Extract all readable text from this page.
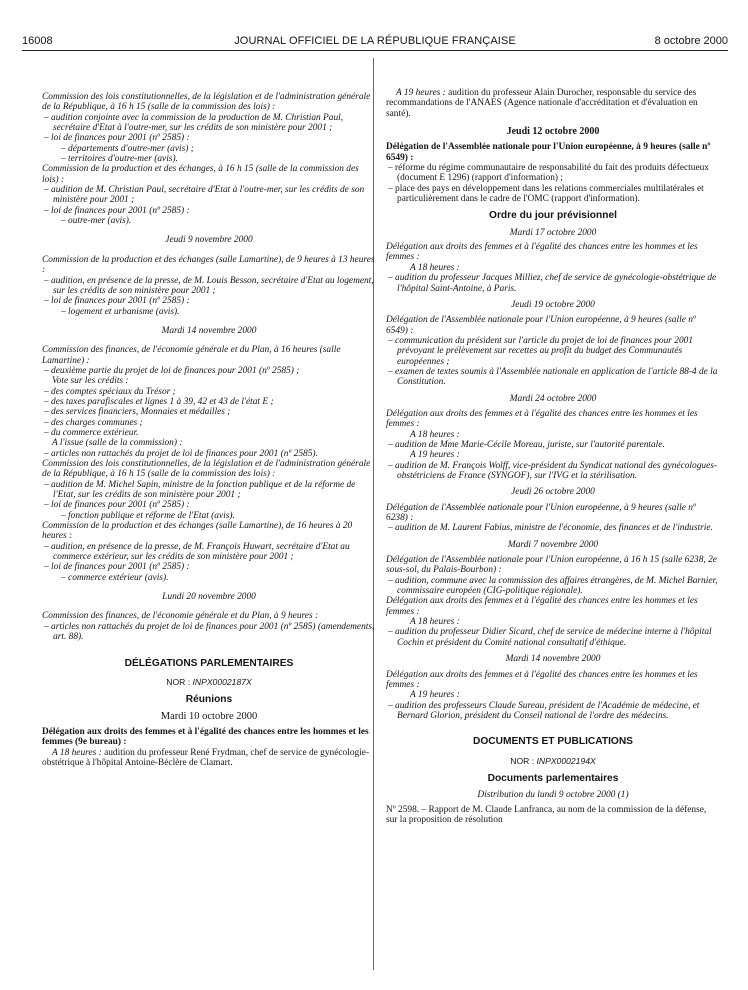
16008	JOURNAL OFFICIEL DE LA RÉPUBLIQUE FRANÇAISE	8 octobre 2000

Commission des lois constitutionnelles, de la législation et de l'administration générale de la République, à 16 h 15 (salle de la commission des lois) :

– audition conjointe avec la commission de la production de M. Christian Paul, secrétaire d'Etat à l'outre-mer, sur les crédits de son ministère pour 2001 ;

– loi de finances pour 2001 (nº 2585) :

– départements d'outre-mer (avis) ;

– territoires d'outre-mer (avis).

Commission de la production et des échanges, à 16 h 15 (salle de la commission des lois) :

– audition de M. Christian Paul, secrétaire d'Etat à l'outre-mer, sur les crédits de son ministère pour 2001 ;

– loi de finances pour 2001 (nº 2585) :

– outre-mer (avis).

Jeudi 9 novembre 2000

Commission de la production et des échanges (salle Lamartine), de 9 heures à 13 heures :

– audition, en présence de la presse, de M. Louis Besson, secrétaire d'Etat au logement, sur les crédits de son ministère pour 2001 ;

– loi de finances pour 2001 (nº 2585) :

– logement et urbanisme (avis).

Mardi 14 novembre 2000

Commission des finances, de l'économie générale et du Plan, à 16 heures (salle Lamartine) :

– deuxième partie du projet de loi de finances pour 2001 (nº 2585) ;

Vote sur les crédits :

– des comptes spéciaux du Trésor ;

– des taxes parafiscales et lignes 1 à 39, 42 et 43 de l'état E ;

– des services financiers, Monnaies et médailles ;

– des charges communes ;

– du commerce extérieur.

A l'issue (salle de la commission) :

– articles non rattachés du projet de loi de finances pour 2001 (nº 2585).

Commission des lois constitutionnelles, de la législation et de l'administration générale de la République, à 16 h 15 (salle de la commission des lois) :

– audition de M. Michel Sapin, ministre de la fonction publique et de la réforme de l'Etat, sur les crédits de son ministère pour 2001 ;

– loi de finances pour 2001 (nº 2585) :

– fonction publique et réforme de l'Etat (avis).

Commission de la production et des échanges (salle Lamartine), de 16 heures à 20 heures :

– audition, en présence de la presse, de M. François Huwart, secrétaire d'Etat au commerce extérieur, sur les crédits de son ministère pour 2001 ;

– loi de finances pour 2001 (nº 2585) :

– commerce extérieur (avis).

Lundi 20 novembre 2000

Commission des finances, de l'économie générale et du Plan, à 9 heures :

– articles non rattachés du projet de loi de finances pour 2001 (nº 2585) (amendements, art. 88).

DÉLÉGATIONS PARLEMENTAIRES

NOR : INPX0002187X

Réunions

Mardi 10 octobre 2000

Délégation aux droits des femmes et à l'égalité des chances entre les hommes et les femmes (9e bureau) :

A 18 heures : audition du professeur René Frydman, chef de service de gynécologie-obstétrique à l'hôpital Antoine-Béclère de Clamart.

A 19 heures : audition du professeur Alain Durocher, responsable du service des recommandations de l'ANAES (Agence nationale d'accréditation et d'évaluation en santé).

Jeudi 12 octobre 2000

Délégation de l'Assemblée nationale pour l'Union européenne, à 9 heures (salle nº 6549) :

– réforme du régime communautaire de responsabilité du fait des produits défectueux (document E 1296) (rapport d'information) ;

– place des pays en développement dans les relations commerciales multilatérales et particulièrement dans le cadre de l'OMC (rapport d'information).

Ordre du jour prévisionnel

Mardi 17 octobre 2000

Délégation aux droits des femmes et à l'égalité des chances entre les hommes et les femmes :

A 18 heures :

– audition du professeur Jacques Milliez, chef de service de gynécologie-obstétrique de l'hôpital Saint-Antoine, à Paris.

Jeudi 19 octobre 2000

Délégation de l'Assemblée nationale pour l'Union européenne, à 9 heures (salle nº 6549) :

– communication du président sur l'article du projet de loi de finances pour 2001 prévoyant le prélèvement sur recettes au profit du budget des Communautés européennes ;

– examen de textes soumis à l'Assemblée nationale en application de l'article 88-4 de la Constitution.

Mardi 24 octobre 2000

Délégation aux droits des femmes et à l'égalité des chances entre les hommes et les femmes :

A 18 heures :

– audition de Mme Marie-Cécile Moreau, juriste, sur l'autorité parentale.

A 19 heures :

– audition de M. François Wolff, vice-président du Syndicat national des gynécologues-obstétriciens de France (SYNGOF), sur l'IVG et la stérilisation.

Jeudi 26 octobre 2000

Délégation de l'Assemblée nationale pour l'Union européenne, à 9 heures (salle nº 6238) :

– audition de M. Laurent Fabius, ministre de l'économie, des finances et de l'industrie.

Mardi 7 novembre 2000

Délégation de l'Assemblée nationale pour l'Union européenne, à 16 h 15 (salle 6238, 2e sous-sol, du Palais-Bourbon) :

– audition, commune avec la commission des affaires étrangères, de M. Michel Barnier, commissaire européen (CIG-politique régionale).

Délégation aux droits des femmes et à l'égalité des chances entre les hommes et les femmes :

A 18 heures :

– audition du professeur Didier Sicard, chef de service de médecine interne à l'hôpital Cochin et président du Comité national consultatif d'éthique.

Mardi 14 novembre 2000

Délégation aux droits des femmes et à l'égalité des chances entre les hommes et les femmes :

A 19 heures :

– audition des professeurs Claude Sureau, président de l'Académie de médecine, et Bernard Glorion, président du Conseil national de l'ordre des médecins.

DOCUMENTS ET PUBLICATIONS

NOR : INPX0002194X

Documents parlementaires

Distribution du lundi 9 octobre 2000 (1)

Nº 2598. – Rapport de M. Claude Lanfranca, au nom de la commission de la défense, sur la proposition de résolution
